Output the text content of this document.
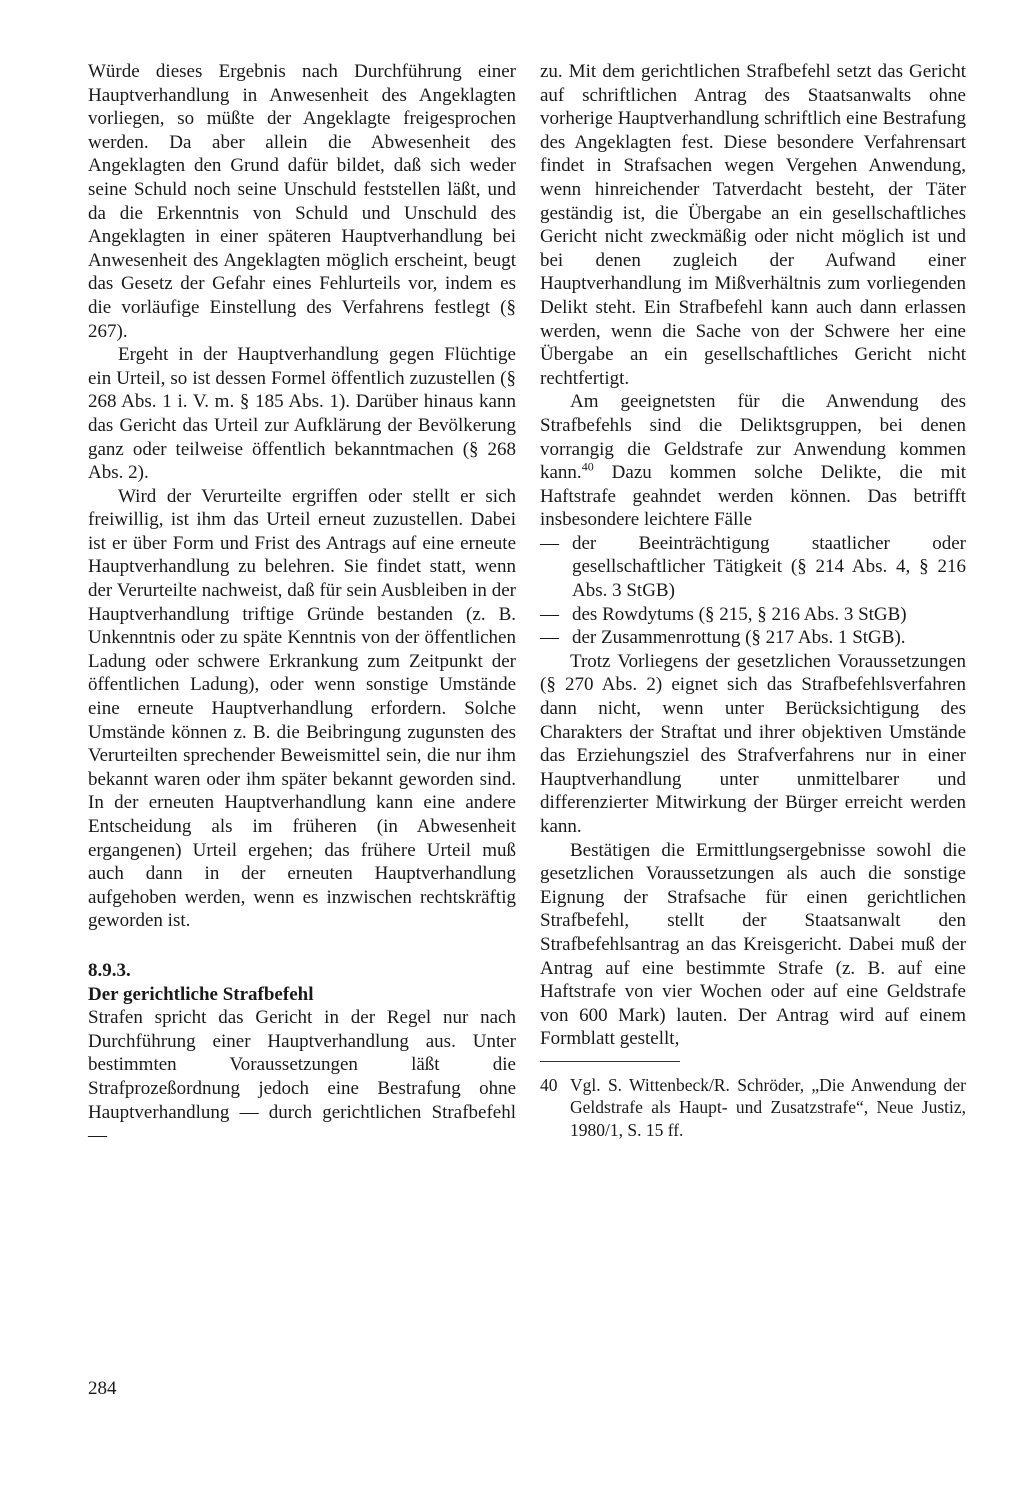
Würde dieses Ergebnis nach Durchführung einer Hauptverhandlung in Anwesenheit des Angeklagten vorliegen, so müßte der Angeklagte freigesprochen werden. Da aber allein die Abwesenheit des Angeklagten den Grund dafür bildet, daß sich weder seine Schuld noch seine Unschuld feststellen läßt, und da die Erkenntnis von Schuld und Unschuld des Angeklagten in einer späteren Hauptverhandlung bei Anwesenheit des Angeklagten möglich erscheint, beugt das Gesetz der Gefahr eines Fehlurteils vor, indem es die vorläufige Einstellung des Verfahrens festlegt (§ 267).

Ergeht in der Hauptverhandlung gegen Flüchtige ein Urteil, so ist dessen Formel öffentlich zuzustellen (§ 268 Abs. 1 i. V. m. § 185 Abs. 1). Darüber hinaus kann das Gericht das Urteil zur Aufklärung der Bevölkerung ganz oder teilweise öffentlich bekanntmachen (§ 268 Abs. 2).

Wird der Verurteilte ergriffen oder stellt er sich freiwillig, ist ihm das Urteil erneut zuzustellen. Dabei ist er über Form und Frist des Antrags auf eine erneute Hauptverhandlung zu belehren. Sie findet statt, wenn der Verurteilte nachweist, daß für sein Ausbleiben in der Hauptverhandlung triftige Gründe bestanden (z. B. Unkenntnis oder zu späte Kenntnis von der öffentlichen Ladung oder schwere Erkrankung zum Zeitpunkt der öffentlichen Ladung), oder wenn sonstige Umstände eine erneute Hauptverhandlung erfordern. Solche Umstände können z. B. die Beibringung zugunsten des Verurteilten sprechender Beweismittel sein, die nur ihm bekannt waren oder ihm später bekannt geworden sind. In der erneuten Hauptverhandlung kann eine andere Entscheidung als im früheren (in Abwesenheit ergangenen) Urteil ergehen; das frühere Urteil muß auch dann in der erneuten Hauptverhandlung aufgehoben werden, wenn es inzwischen rechtskräftig geworden ist.

8.9.3.

Der gerichtliche Strafbefehl

Strafen spricht das Gericht in der Regel nur nach Durchführung einer Hauptverhandlung aus. Unter bestimmten Voraussetzungen läßt die Strafprozeßordnung jedoch eine Bestrafung ohne Hauptverhandlung — durch gerichtlichen Strafbefehl —

zu. Mit dem gerichtlichen Strafbefehl setzt das Gericht auf schriftlichen Antrag des Staatsanwalts ohne vorherige Hauptverhandlung schriftlich eine Bestrafung des Angeklagten fest. Diese besondere Verfahrensart findet in Strafsachen wegen Vergehen Anwendung, wenn hinreichender Tatverdacht besteht, der Täter geständig ist, die Übergabe an ein gesellschaftliches Gericht nicht zweckmäßig oder nicht möglich ist und bei denen zugleich der Aufwand einer Hauptverhandlung im Mißverhältnis zum vorliegenden Delikt steht. Ein Strafbefehl kann auch dann erlassen werden, wenn die Sache von der Schwere her eine Übergabe an ein gesellschaftliches Gericht nicht rechtfertigt.

Am geeignetsten für die Anwendung des Strafbefehls sind die Deliktsgruppen, bei denen vorrangig die Geldstrafe zur Anwendung kommen kann.$^{40}$ Dazu kommen solche Delikte, die mit Haftstrafe geahndet werden können. Das betrifft insbesondere leichtere Fälle

— der Beeinträchtigung staatlicher oder gesellschaftlicher Tätigkeit (§ 214 Abs. 4, § 216 Abs. 3 StGB)
— des Rowdytums (§ 215, § 216 Abs. 3 StGB)
— der Zusammenrottung (§ 217 Abs. 1 StGB).

Trotz Vorliegens der gesetzlichen Voraussetzungen (§ 270 Abs. 2) eignet sich das Strafbefehlsverfahren dann nicht, wenn unter Berücksichtigung des Charakters der Straftat und ihrer objektiven Umstände das Erziehungsziel des Strafverfahrens nur in einer Hauptverhandlung unter unmittelbarer und differenzierter Mitwirkung der Bürger erreicht werden kann.

Bestätigen die Ermittlungsergebnisse sowohl die gesetzlichen Voraussetzungen als auch die sonstige Eignung der Strafsache für einen gerichtlichen Strafbefehl, stellt der Staatsanwalt den Strafbefehlsantrag an das Kreisgericht. Dabei muß der Antrag auf eine bestimmte Strafe (z. B. auf eine Haftstrafe von vier Wochen oder auf eine Geldstrafe von 600 Mark) lauten. Der Antrag wird auf einem Formblatt gestellt,

40 Vgl. S. Wittenbeck/R. Schröder, „Die Anwendung der Geldstrafe als Haupt- und Zusatzstrafe“, Neue Justiz, 1980/1, S. 15 ff.
284
